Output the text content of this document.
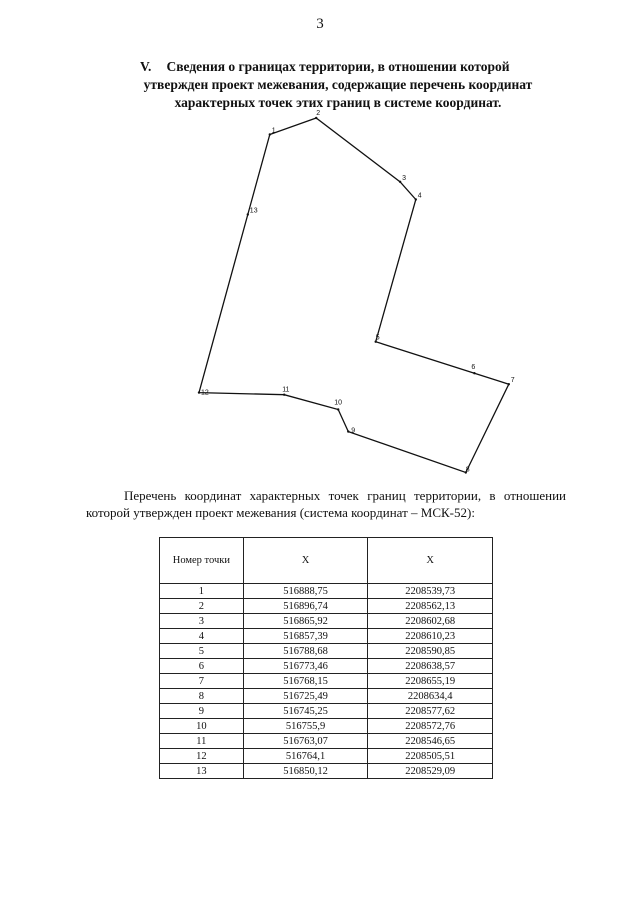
3
V.	Сведения о границах территории, в отношении которой
утвержден проект межевания, содержащие перечень координат
характерных точек этих границ в системе координат.
1
2
3
4
5
6
7
8
9
10
11
12
13
Перечень координат характерных точек границ территории, в отношении которой утвержден проект межевания (система координат – МСК-52):
Номер точки	X	X
1	516888,75	2208539,73
2	516896,74	2208562,13
3	516865,92	2208602,68
4	516857,39	2208610,23
5	516788,68	2208590,85
6	516773,46	2208638,57
7	516768,15	2208655,19
8	516725,49	2208634,4
9	516745,25	2208577,62
10	516755,9	2208572,76
11	516763,07	2208546,65
12	516764,1	2208505,51
13	516850,12	2208529,09
